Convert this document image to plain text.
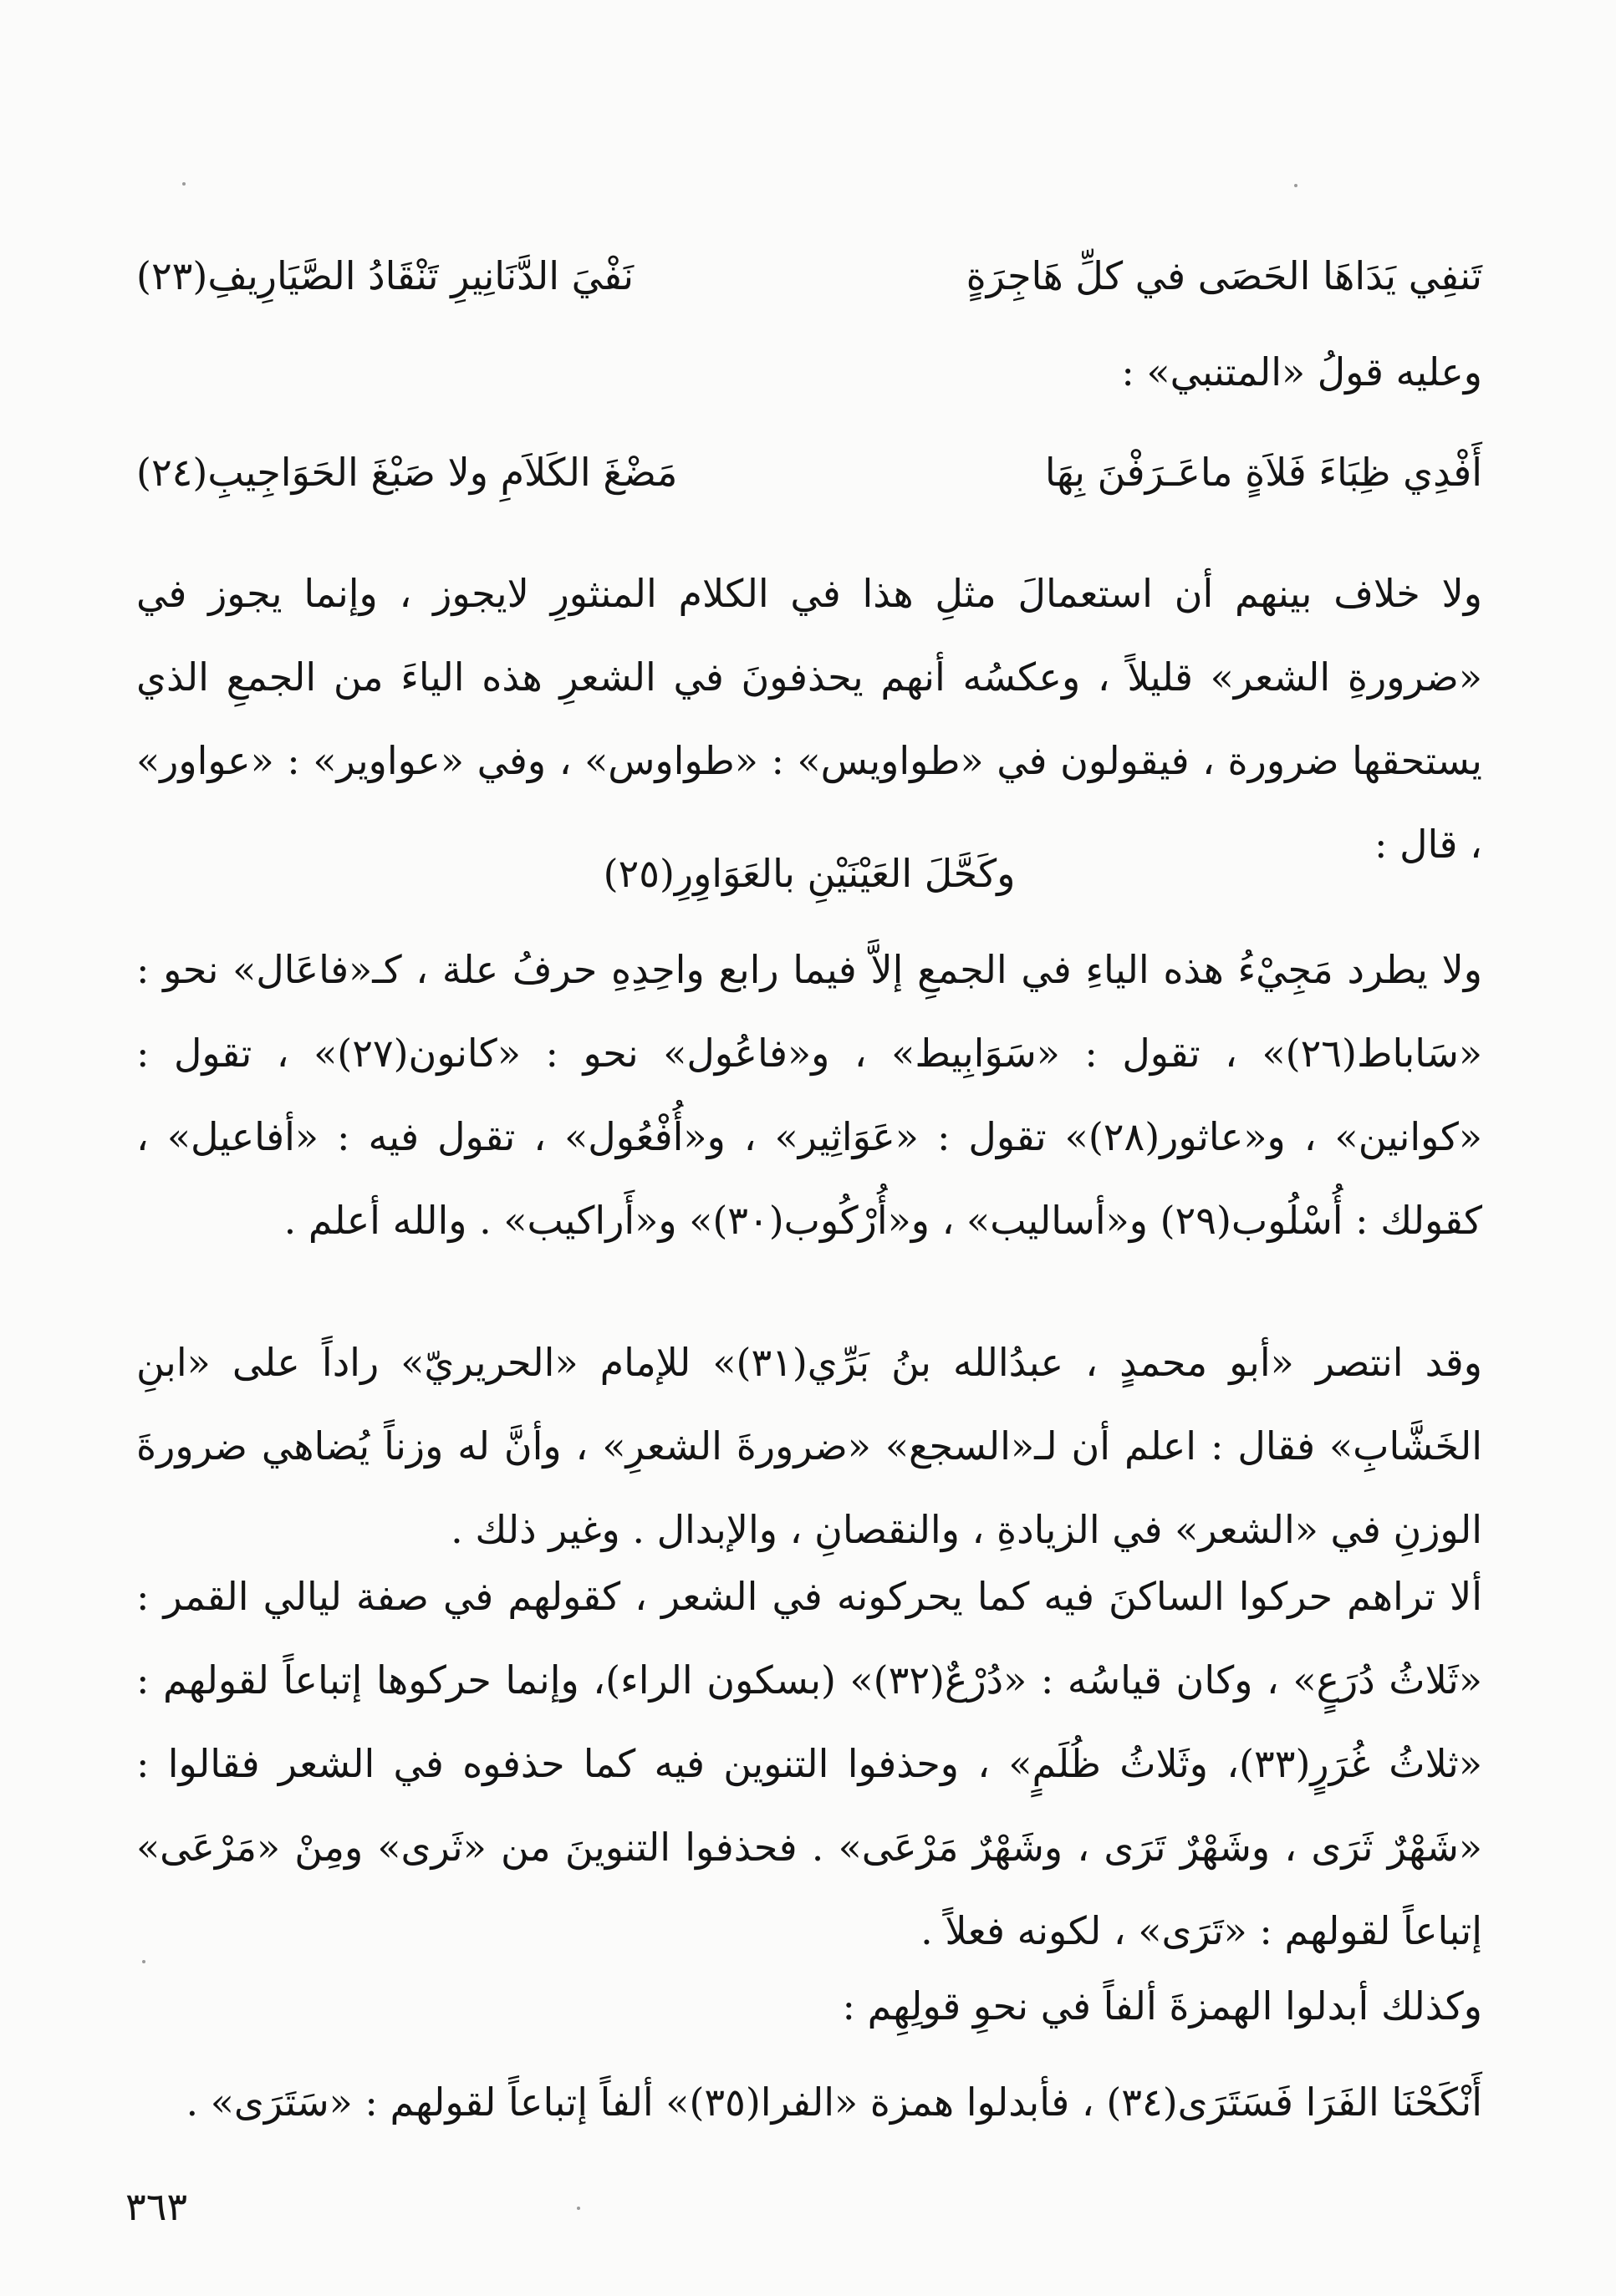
تَنفِي يَدَاهَا الحَصَى في كلِّ هَاجِرَةٍ
نَفْيَ الدَّنَانِيرِ تَنْقَادُ الصَّيَارِيفِ(٢٣)

وعليه قولُ «المتنبي» :

أَفْدِي ظِبَاءَ فَلاَةٍ ماعَـرَفْنَ بِهَا
مَضْغَ الكَلاَمِ ولا صَبْغَ الحَوَاجِيبِ(٢٤)

ولا خلاف بينهم أن استعمالَ مثلِ هذا في الكلام المنثورِ لايجوز ، وإنما يجوز في «ضرورةِ الشعر» قليلاً ، وعكسُه أنهم يحذفونَ في الشعرِ هذه الياءَ من الجمعِ الذي يستحقها ضرورة ، فيقولون في «طواويس» : «طواوس» ، وفي «عواوير» : «عواور» ، قال :

وكَحَّلَ العَيْنَيْنِ بالعَوَاوِرِ(٢٥)

ولا يطرد مَجِيْءُ هذه الياءِ في الجمعِ إلاَّ فيما رابع واحِدِهِ حرفُ علة ، كـ«فاعَال» نحو : «سَاباط(٢٦)» ، تقول : «سَوَابِيط» ، و«فاعُول» نحو : «كانون(٢٧)» ، تقول : «كوانين» ، و«عاثور(٢٨)» تقول : «عَوَاثِير» ، و«أُفْعُول» ، تقول فيه : «أفاعيل» ، كقولك : أُسْلُوب(٢٩) و«أساليب» ، و«أُرْكُوب(٣٠)» و«أَراكيب» . والله أعلم .

وقد انتصر «أبو محمدٍ ، عبدُالله بنُ بَرِّي(٣١)» للإمام «الحريريّ» راداً على «ابنِ الخَشَّابِ» فقال : اعلم أن لـ«السجع» «ضرورةَ الشعرِ» ، وأنَّ له وزناً يُضاهي ضرورةَ الوزنِ في «الشعر» في الزيادةِ ، والنقصانِ ، والإبدال . وغير ذلك .

ألا تراهم حركوا الساكنَ فيه كما يحركونه في الشعر ، كقولهم في صفة ليالي القمر : «ثَلاثُ دُرَعٍ» ، وكان قياسُه : «دُرْعٌ(٣٢)» (بسكون الراء)، وإنما حركوها إتباعاً لقولهم : «ثلاثُ غُرَرٍ(٣٣)، وثَلاثُ ظُلَمٍ» ، وحذفوا التنوين فيه كما حذفوه في الشعر فقالوا : «شَهْرٌ ثَرَى ، وشَهْرٌ تَرَى ، وشَهْرٌ مَرْعَى» . فحذفوا التنوينَ من «ثَرى» ومِنْ «مَرْعَى» إتباعاً لقولهم : «تَرَى» ، لكونه فعلاً .

وكذلك أبدلوا الهمزةَ ألفاً في نحوِ قولِهِم :

أَنْكَحْنَا الفَرَا فَسَتَرَى(٣٤) ، فأبدلوا همزة «الفرا(٣٥)» ألفاً إتباعاً لقولهم : «سَتَرَى» .

٣٦٣
